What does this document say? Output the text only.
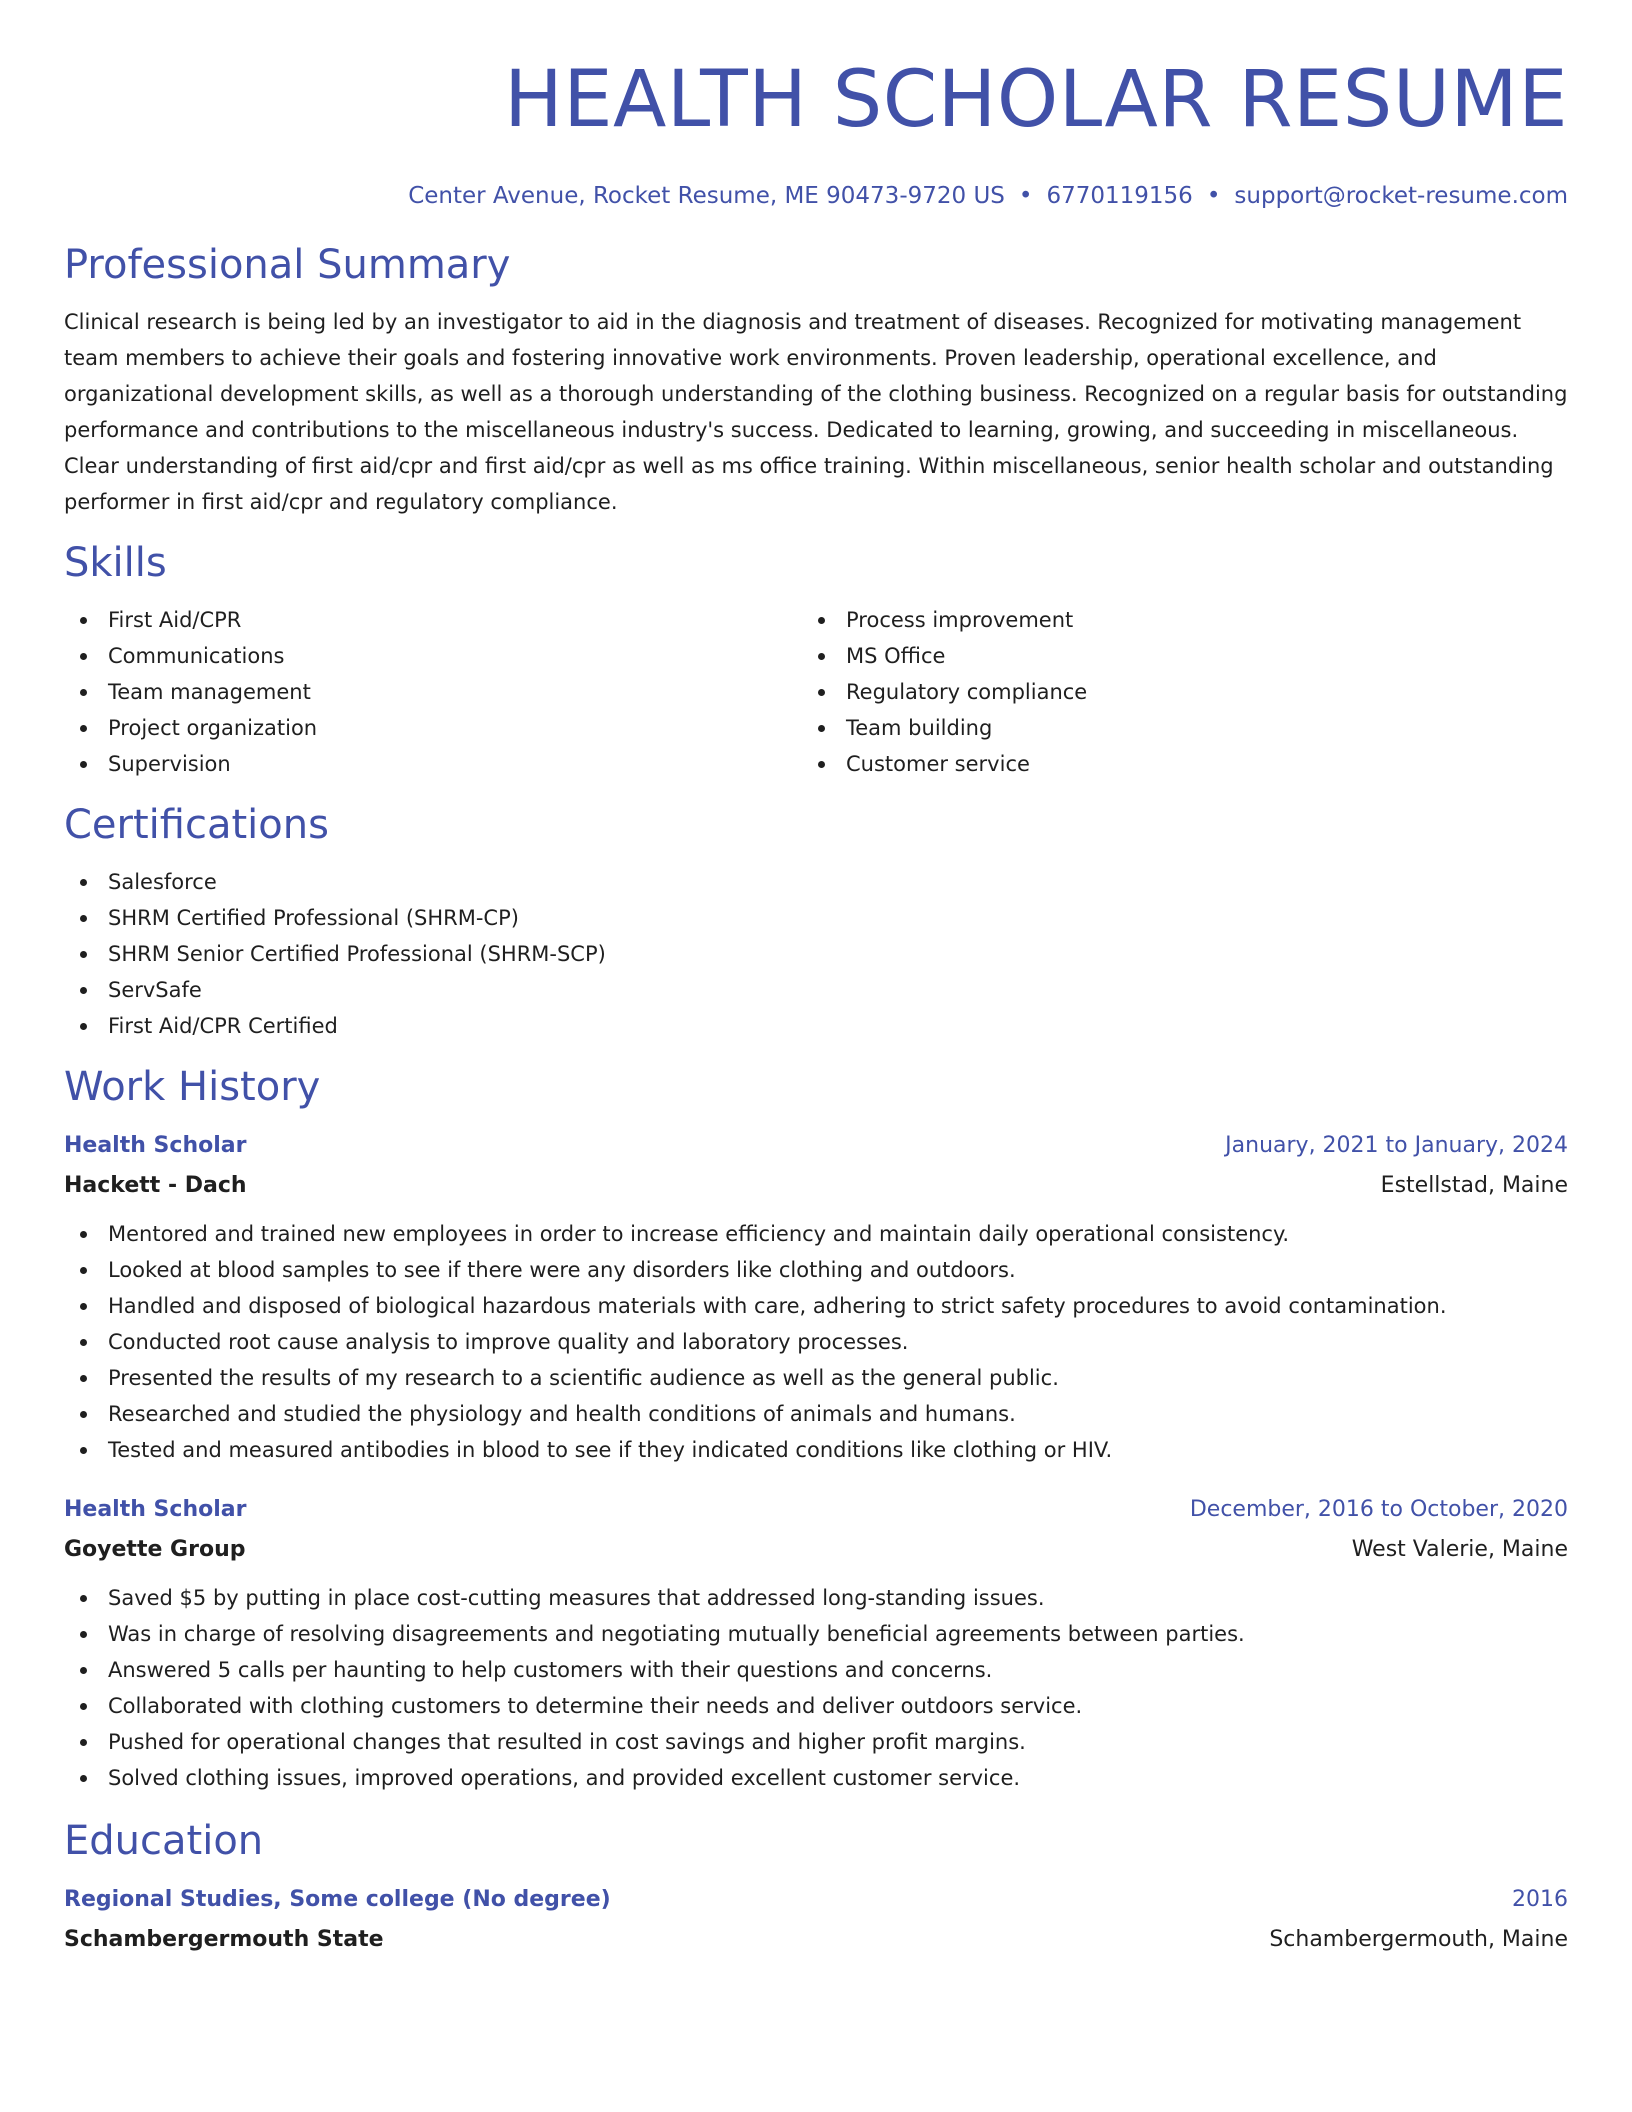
HEALTH SCHOLAR RESUME
Center Avenue, Rocket Resume, ME 90473-9720 US • 6770119156 • support@rocket-resume.com
Professional Summary

Clinical research is being led by an investigator to aid in the diagnosis and treatment of diseases. Recognized for motivating management team members to achieve their goals and fostering innovative work environments. Proven leadership, operational excellence, and organizational development skills, as well as a thorough understanding of the clothing business. Recognized on a regular basis for outstanding performance and contributions to the miscellaneous industry's success. Dedicated to learning, growing, and succeeding in miscellaneous. Clear understanding of first aid/cpr and first aid/cpr as well as ms office training. Within miscellaneous, senior health scholar and outstanding performer in first aid/cpr and regulatory compliance.

Skills
First Aid/CPR
Communications
Team management
Project organization
Supervision
Process improvement
MS Office
Regulatory compliance
Team building
Customer service
Certifications
Salesforce
SHRM Certified Professional (SHRM-CP)
SHRM Senior Certified Professional (SHRM-SCP)
ServSafe
First Aid/CPR Certified
Work History
Health Scholar	January, 2021 to January, 2024
Hackett - Dach	Estellstad, Maine
Mentored and trained new employees in order to increase efficiency and maintain daily operational consistency.
Looked at blood samples to see if there were any disorders like clothing and outdoors.
Handled and disposed of biological hazardous materials with care, adhering to strict safety procedures to avoid contamination.
Conducted root cause analysis to improve quality and laboratory processes.
Presented the results of my research to a scientific audience as well as the general public.
Researched and studied the physiology and health conditions of animals and humans.
Tested and measured antibodies in blood to see if they indicated conditions like clothing or HIV.
Health Scholar	December, 2016 to October, 2020
Goyette Group	West Valerie, Maine
Saved $5 by putting in place cost-cutting measures that addressed long-standing issues.
Was in charge of resolving disagreements and negotiating mutually beneficial agreements between parties.
Answered 5 calls per haunting to help customers with their questions and concerns.
Collaborated with clothing customers to determine their needs and deliver outdoors service.
Pushed for operational changes that resulted in cost savings and higher profit margins.
Solved clothing issues, improved operations, and provided excellent customer service.
Education
Regional Studies, Some college (No degree)	2016
Schambergermouth State	Schambergermouth, Maine
